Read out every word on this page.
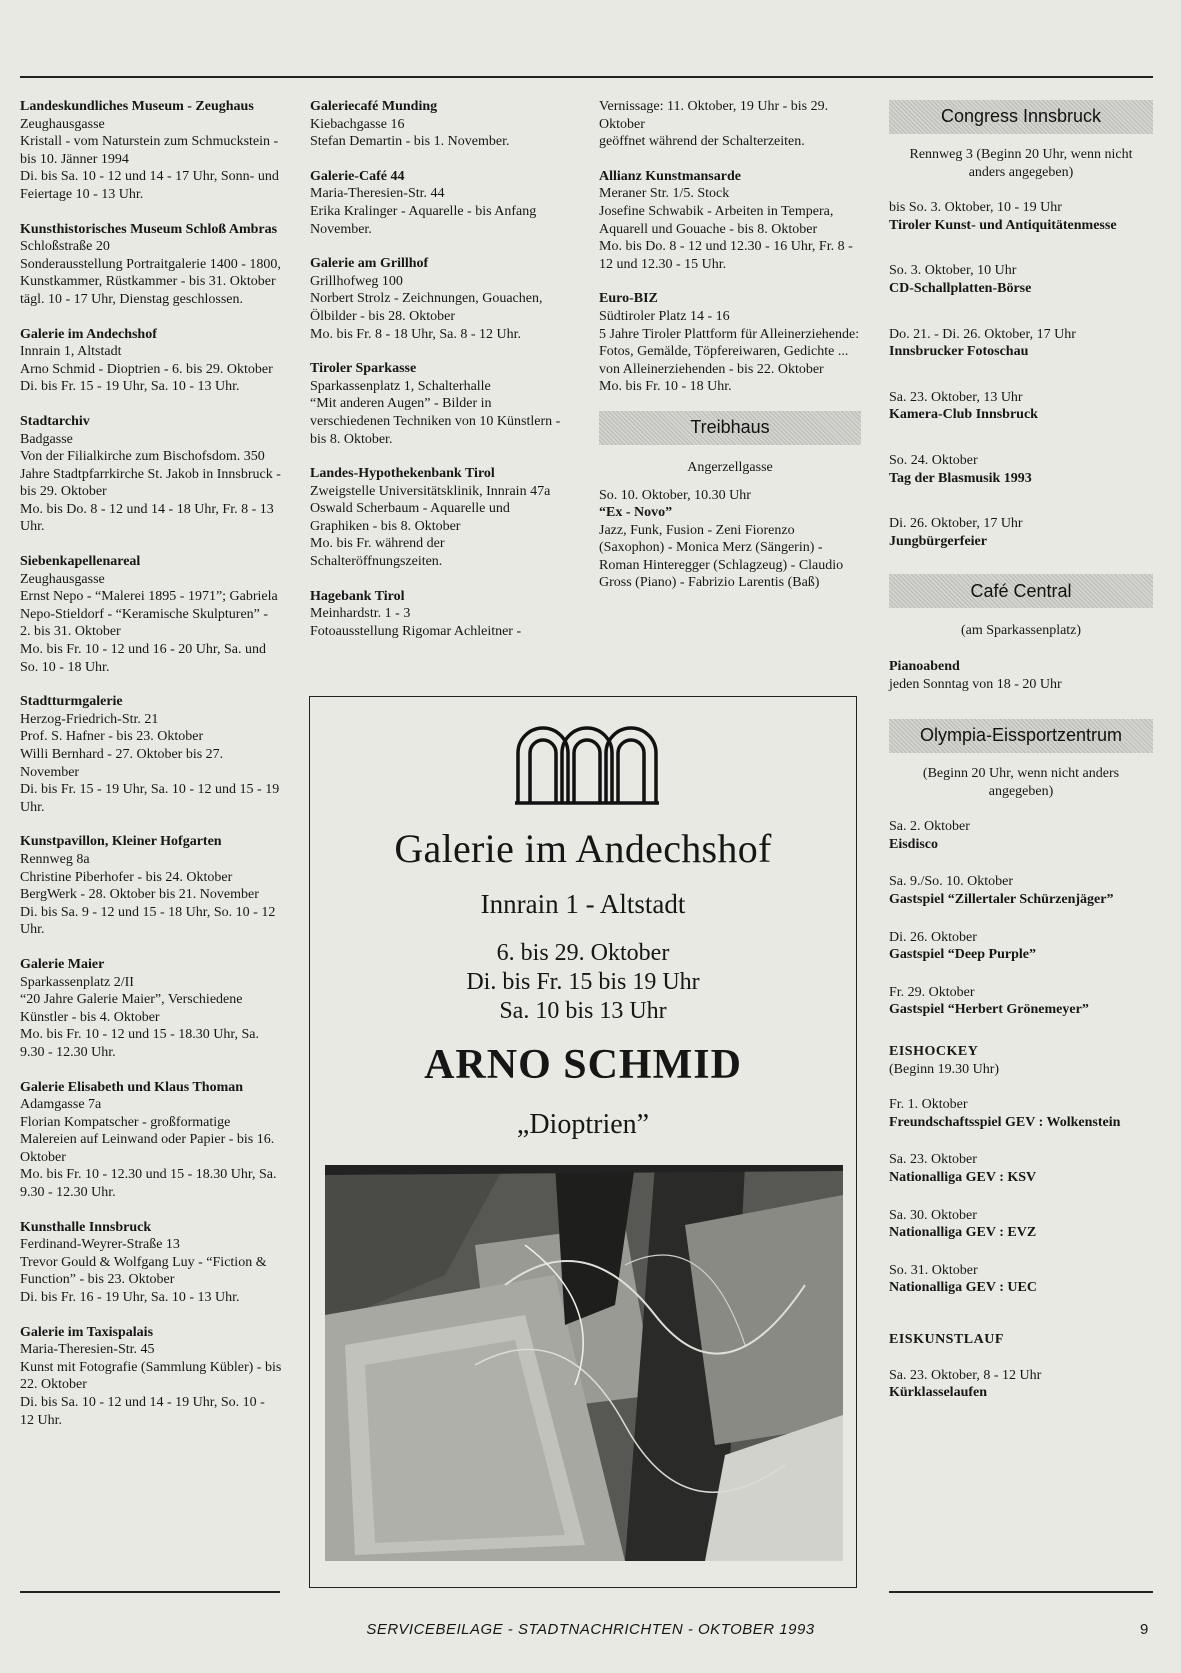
Landeskundliches Museum - Zeughaus
Zeughausgasse
Kristall - vom Naturstein zum Schmuckstein - bis 10. Jänner 1994
Di. bis Sa. 10 - 12 und 14 - 17 Uhr, Sonn- und Feiertage 10 - 13 Uhr.
Kunsthistorisches Museum Schloß Ambras
Schloßstraße 20
Sonderausstellung Portraitgalerie 1400 - 1800, Kunstkammer, Rüstkammer - bis 31. Oktober
tägl. 10 - 17 Uhr, Dienstag geschlossen.
Galerie im Andechshof
Innrain 1, Altstadt
Arno Schmid - Dioptrien - 6. bis 29. Oktober
Di. bis Fr. 15 - 19 Uhr, Sa. 10 - 13 Uhr.
Stadtarchiv
Badgasse
Von der Filialkirche zum Bischofsdom. 350 Jahre Stadtpfarrkirche St. Jakob in Innsbruck - bis 29. Oktober
Mo. bis Do. 8 - 12 und 14 - 18 Uhr, Fr. 8 - 13 Uhr.
Siebenkapellenareal
Zeughausgasse
Ernst Nepo - “Malerei 1895 - 1971”; Gabriela Nepo-Stieldorf - “Keramische Skulpturen” - 2. bis 31. Oktober
Mo. bis Fr. 10 - 12 und 16 - 20 Uhr, Sa. und So. 10 - 18 Uhr.
Stadtturmgalerie
Herzog-Friedrich-Str. 21
Prof. S. Hafner - bis 23. Oktober
Willi Bernhard - 27. Oktober bis 27. November
Di. bis Fr. 15 - 19 Uhr, Sa. 10 - 12 und 15 - 19 Uhr.
Kunstpavillon, Kleiner Hofgarten
Rennweg 8a
Christine Piberhofer - bis 24. Oktober
BergWerk - 28. Oktober bis 21. November
Di. bis Sa. 9 - 12 und 15 - 18 Uhr, So. 10 - 12 Uhr.
Galerie Maier
Sparkassenplatz 2/II
“20 Jahre Galerie Maier”, Verschiedene Künstler - bis 4. Oktober
Mo. bis Fr. 10 - 12 und 15 - 18.30 Uhr, Sa. 9.30 - 12.30 Uhr.
Galerie Elisabeth und Klaus Thoman
Adamgasse 7a
Florian Kompatscher - großformatige Malereien auf Leinwand oder Papier - bis 16. Oktober
Mo. bis Fr. 10 - 12.30 und 15 - 18.30 Uhr, Sa. 9.30 - 12.30 Uhr.
Kunsthalle Innsbruck
Ferdinand-Weyrer-Straße 13
Trevor Gould & Wolfgang Luy - “Fiction & Function” - bis 23. Oktober
Di. bis Fr. 16 - 19 Uhr, Sa. 10 - 13 Uhr.
Galerie im Taxispalais
Maria-Theresien-Str. 45
Kunst mit Fotografie (Sammlung Kübler) - bis 22. Oktober
Di. bis Sa. 10 - 12 und 14 - 19 Uhr, So. 10 - 12 Uhr.
Galeriecafé Munding
Kiebachgasse 16
Stefan Demartin - bis 1. November.
Galerie-Café 44
Maria-Theresien-Str. 44
Erika Kralinger - Aquarelle - bis Anfang November.
Galerie am Grillhof
Grillhofweg 100
Norbert Strolz - Zeichnungen, Gouachen, Ölbilder - bis 28. Oktober
Mo. bis Fr. 8 - 18 Uhr, Sa. 8 - 12 Uhr.
Tiroler Sparkasse
Sparkassenplatz 1, Schalterhalle
“Mit anderen Augen” - Bilder in verschiedenen Techniken von 10 Künstlern - bis 8. Oktober.
Landes-Hypothekenbank Tirol
Zweigstelle Universitätsklinik, Innrain 47a
Oswald Scherbaum - Aquarelle und Graphiken - bis 8. Oktober
Mo. bis Fr. während der Schalteröffnungszeiten.
Hagebank Tirol
Meinhardstr. 1 - 3
Fotoausstellung Rigomar Achleitner -
Vernissage: 11. Oktober, 19 Uhr - bis 29. Oktober
geöffnet während der Schalterzeiten.
Allianz Kunstmansarde
Meraner Str. 1/5. Stock
Josefine Schwabik - Arbeiten in Tempera, Aquarell und Gouache - bis 8. Oktober
Mo. bis Do. 8 - 12 und 12.30 - 16 Uhr, Fr. 8 - 12 und 12.30 - 15 Uhr.
Euro-BIZ
Südtiroler Platz 14 - 16
5 Jahre Tiroler Plattform für Alleinerziehende: Fotos, Gemälde, Töpfereiwaren, Gedichte ... von Alleinerziehenden - bis 22. Oktober
Mo. bis Fr. 10 - 18 Uhr.
Treibhaus
Angerzellgasse
So. 10. Oktober, 10.30 Uhr
“Ex - Novo”
Jazz, Funk, Fusion - Zeni Fiorenzo (Saxophon) - Monica Merz (Sängerin) - Roman Hinteregger (Schlagzeug) - Claudio Gross (Piano) - Fabrizio Larentis (Baß)
Congress Innsbruck
Rennweg 3 (Beginn 20 Uhr, wenn nicht anders angegeben)
bis So. 3. Oktober, 10 - 19 Uhr
Tiroler Kunst- und Antiquitätenmesse
So. 3. Oktober, 10 Uhr
CD-Schallplatten-Börse
Do. 21. - Di. 26. Oktober, 17 Uhr
Innsbrucker Fotoschau
Sa. 23. Oktober, 13 Uhr
Kamera-Club Innsbruck
So. 24. Oktober
Tag der Blasmusik 1993
Di. 26. Oktober, 17 Uhr
Jungbürgerfeier
Café Central
(am Sparkassenplatz)
Pianoabend
jeden Sonntag von 18 - 20 Uhr
Olympia-Eissportzentrum
(Beginn 20 Uhr, wenn nicht anders angegeben)
Sa. 2. Oktober
Eisdisco
Sa. 9./So. 10. Oktober
Gastspiel “Zillertaler Schürzenjäger”
Di. 26. Oktober
Gastspiel “Deep Purple”
Fr. 29. Oktober
Gastspiel “Herbert Grönemeyer”
EISHOCKEY
(Beginn 19.30 Uhr)
Fr. 1. Oktober
Freundschaftsspiel GEV : Wolkenstein
Sa. 23. Oktober
Nationalliga GEV : KSV
Sa. 30. Oktober
Nationalliga GEV : EVZ
So. 31. Oktober
Nationalliga GEV : UEC
EISKUNSTLAUF
Sa. 23. Oktober, 8 - 12 Uhr
Kürklasselaufen
Galerie im Andechshof
Innrain 1 - Altstadt
6. bis 29. Oktober
Di. bis Fr. 15 bis 19 Uhr
Sa. 10 bis 13 Uhr
ARNO SCHMID
„Dioptrien”
SERVICEBEILAGE - STADTNACHRICHTEN - OKTOBER 1993	9
